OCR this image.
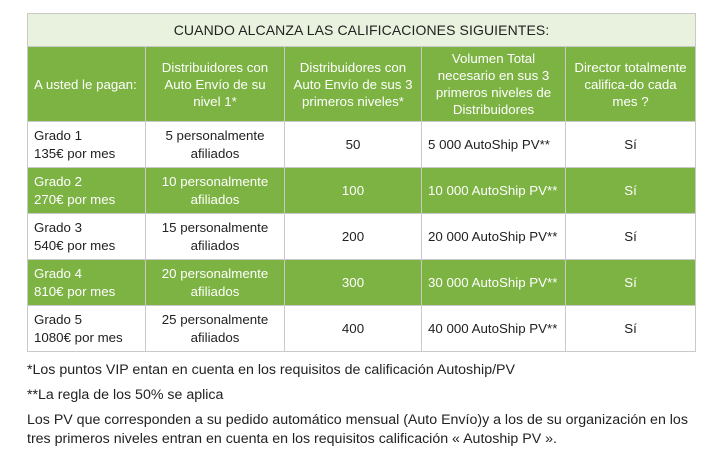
CUANDO ALCANZA LAS CALIFICACIONES SIGUIENTES:				
A usted le pagan:	Distribuidores con Auto Envío de su nivel 1*	Distribuidores con Auto Envío de sus 3 primeros niveles*	Volumen Total necesario en sus 3 primeros niveles de Distribuidores	Director totalmente califica-do cada mes ?
Grado 1
135€ por mes	5 personalmente afiliados	50	5 000 AutoShip PV**	Sí
Grado 2
270€ por mes	10 personalmente afiliados	100	10 000 AutoShip PV**	Sí
Grado 3
540€ por mes	15 personalmente afiliados	200	20 000 AutoShip PV**	Sí
Grado 4
810€ por mes	20 personalmente afiliados	300	30 000 AutoShip PV**	Sí
Grado 5
1080€ por mes	25 personalmente afiliados	400	40 000 AutoShip PV**	Sí

*Los puntos VIP entan en cuenta en los requisitos de calificación Autoship/PV

**La regla de los 50% se aplica

Los PV que corresponden a su pedido automático mensual (Auto Envío)y a los de su organización en los tres primeros niveles entran en cuenta en los requisitos calificación « Autoship PV ».
